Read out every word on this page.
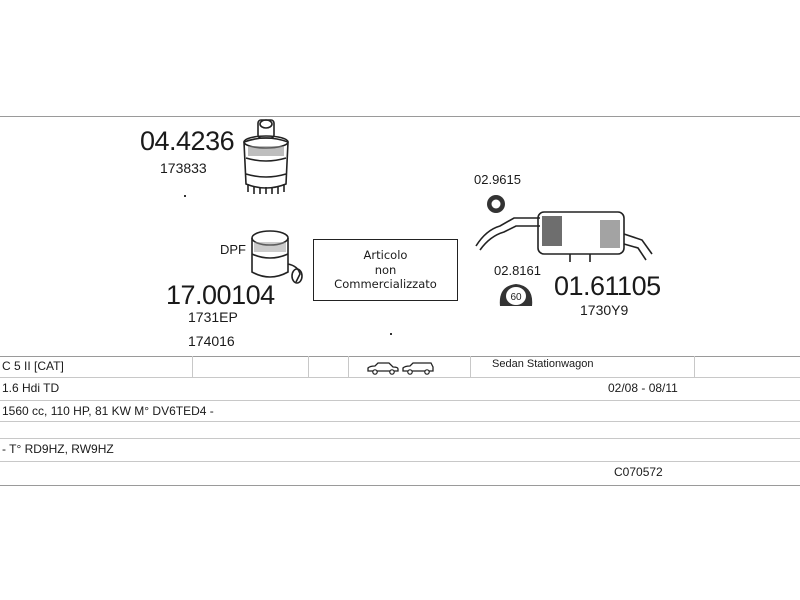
04.4236
173833
DPF
17.00104
1731EP
174016
Articolo
non
Commercializzato
02.9615
02.8161
60 01.61105
1730Y9
C 5 II [CAT]	Sedan Stationwagon
1.6 Hdi TD	02/08 - 08/11
1560 cc, 110 HP, 81 KW M° DV6TED4 -
- T° RD9HZ, RW9HZ
C070572
